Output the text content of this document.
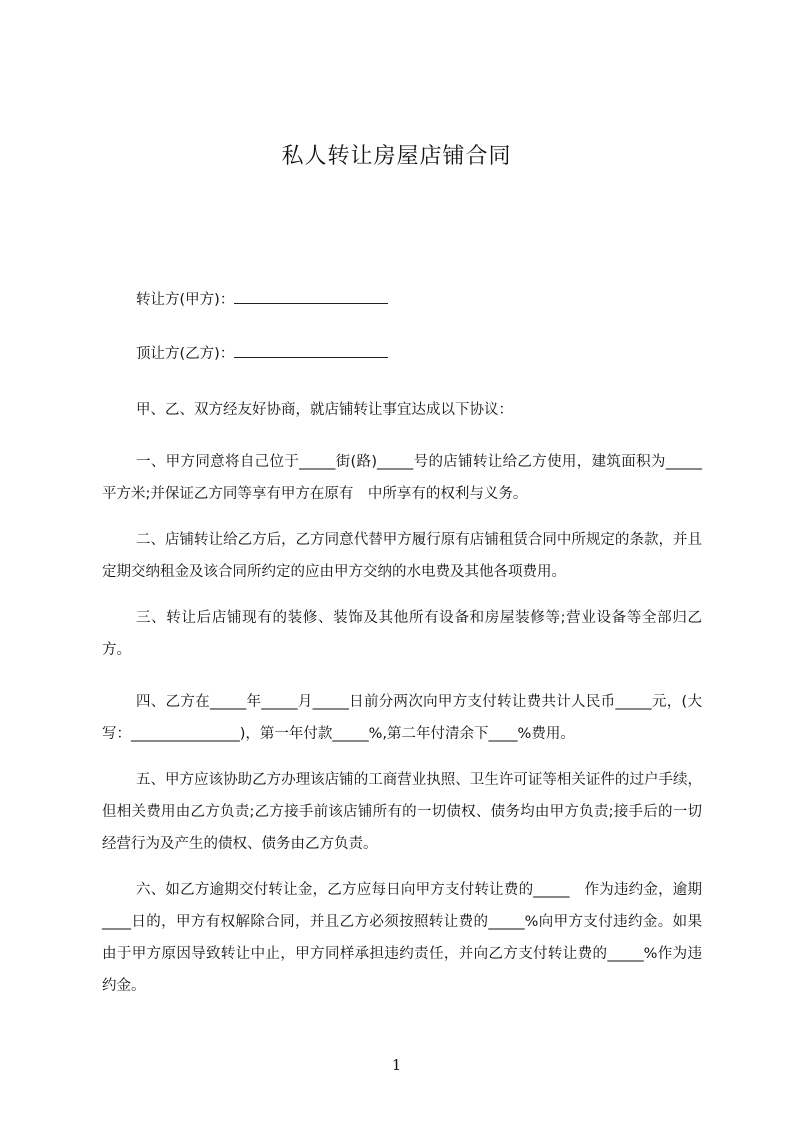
私人转让房屋店铺合同
转让方(甲方)：
顶让方(乙方)：
甲、乙、双方经友好协商，就店铺转让事宜达成以下协议：
一、甲方同意将自己位于_____街(路)_____号的店铺转让给乙方使用，建筑面积为_____平方米;并保证乙方同等享有甲方在原有　中所享有的权利与义务。
二、店铺转让给乙方后，乙方同意代替甲方履行原有店铺租赁合同中所规定的条款，并且定期交纳租金及该合同所约定的应由甲方交纳的水电费及其他各项费用。
三、转让后店铺现有的装修、装饰及其他所有设备和房屋装修等;营业设备等全部归乙方。
四、乙方在_____年_____月_____日前分两次向甲方支付转让费共计人民币_____元，(大写：_______________)，第一年付款_____%,第二年付清余下____%费用。
五、甲方应该协助乙方办理该店铺的工商营业执照、卫生许可证等相关证件的过户手续，但相关费用由乙方负责;乙方接手前该店铺所有的一切债权、债务均由甲方负责;接手后的一切经营行为及产生的债权、债务由乙方负责。
六、如乙方逾期交付转让金，乙方应每日向甲方支付转让费的_____　作为违约金，逾期____日的，甲方有权解除合同，并且乙方必须按照转让费的_____%向甲方支付违约金。如果由于甲方原因导致转让中止，甲方同样承担违约责任，并向乙方支付转让费的_____%作为违约金。
1
